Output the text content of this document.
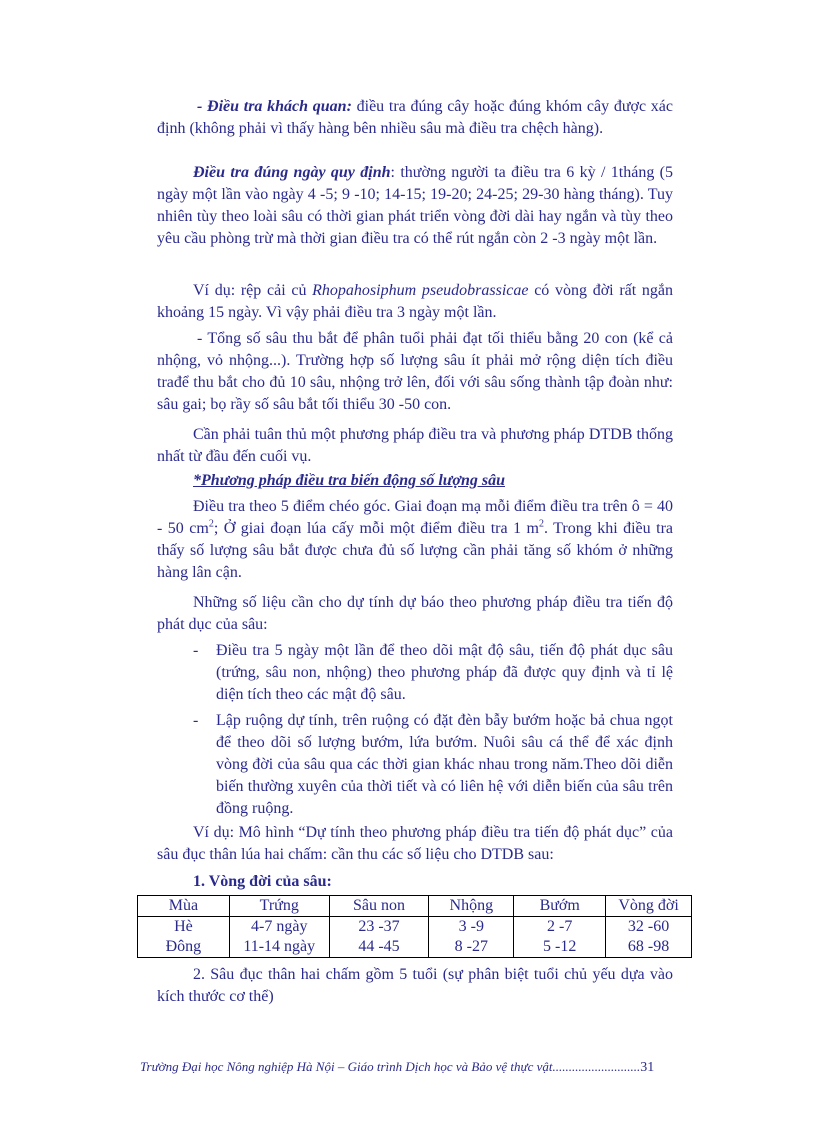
- Điều tra khách quan: điều tra đúng cây hoặc đúng khóm cây được xác định (không phải vì thấy hàng bên nhiều sâu mà điều tra chệch hàng).

Điều tra đúng ngày quy định: thường người ta điều tra 6 kỳ / 1tháng (5 ngày một lần vào ngày 4 -5; 9 -10; 14-15; 19-20; 24-25; 29-30 hàng tháng). Tuy nhiên tùy theo loài sâu có thời gian phát triển vòng đời dài hay ngắn và tùy theo yêu cầu phòng trừ mà thời gian điều tra có thể rút ngắn còn 2 -3 ngày một lần.

Ví dụ: rệp cải củ Rhopahosiphum pseudobrassicae có vòng đời rất ngắn khoảng 15 ngày. Vì vậy phải điều tra 3 ngày một lần.

- Tổng số sâu thu bắt để phân tuổi phải đạt tối thiểu bằng 20 con (kể cả nhộng, vỏ nhộng...). Trường hợp số lượng sâu ít phải mở rộng diện tích điều trađể thu bắt cho đủ 10 sâu, nhộng trở lên, đối với sâu sống thành tập đoàn như: sâu gai; bọ rầy số sâu bắt tối thiểu 30 -50 con.

Cần phải tuân thủ một phương pháp điều tra và phương pháp DTDB thống nhất từ đầu đến cuối vụ.

*Phương pháp điều tra biến động số lượng sâu

Điều tra theo 5 điểm chéo góc. Giai đoạn mạ mỗi điểm điều tra trên ô = 40 - 50 $cm^2$; Ở giai đoạn lúa cấy mỗi một điểm điều tra 1 $m^2$. Trong khi điều tra thấy số lượng sâu bắt được chưa đủ số lượng cần phải tăng số khóm ở những hàng lân cận.

Những số liệu cần cho dự tính dự báo theo phương pháp điều tra tiến độ phát dục của sâu:

- Điều tra 5 ngày một lần để theo dõi mật độ sâu, tiến độ phát dục sâu (trứng, sâu non, nhộng) theo phương pháp đã được quy định và tỉ lệ diện tích theo các mật độ sâu.
- Lập ruộng dự tính, trên ruộng có đặt đèn bẫy bướm hoặc bả chua ngọt để theo dõi số lượng bướm, lứa bướm. Nuôi sâu cá thể để xác định vòng đời của sâu qua các thời gian khác nhau trong năm.Theo dõi diễn biến thường xuyên của thời tiết và có liên hệ với diễn biến của sâu trên đồng ruộng.

Ví dụ: Mô hình “Dự tính theo phương pháp điều tra tiến độ phát dục” của sâu đục thân lúa hai chấm: cần thu các số liệu cho DTDB sau:

1. Vòng đời của sâu:

Mùa	Trứng	Sâu non	Nhộng	Bướm	Vòng đời
Hè	4-7 ngày	23 -37	3 -9	2 -7	32 -60
Đông	11-14 ngày	44 -45	8 -27	5 -12	68 -98

2. Sâu đục thân hai chấm gồm 5 tuổi (sự phân biệt tuổi chủ yếu dựa vào kích thước cơ thể)

Trường Đại học Nông nghiệp Hà Nội – Giáo trình Dịch học và Bảo vệ thực vật...........................31
